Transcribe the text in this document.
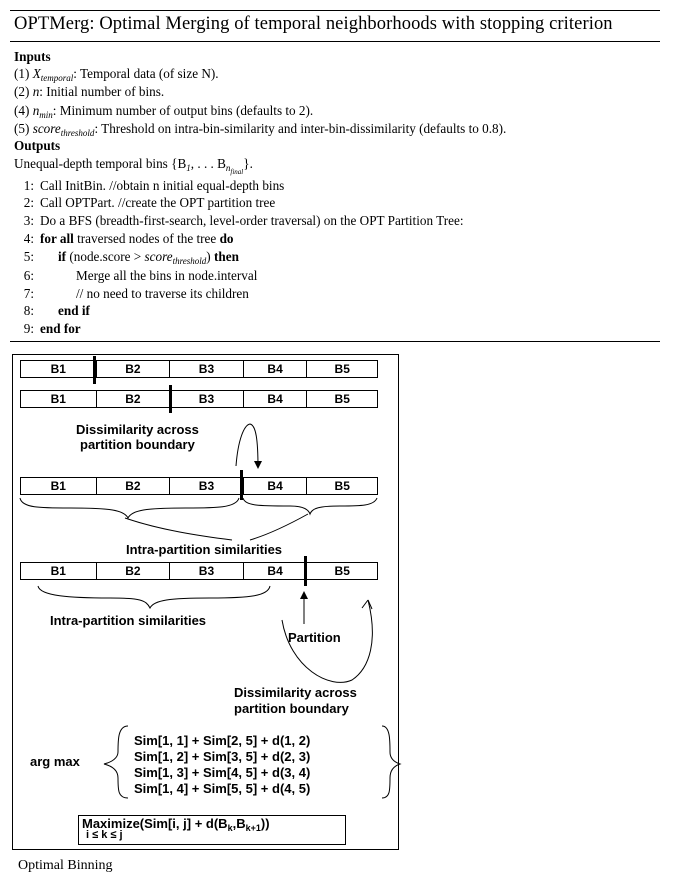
OPTMerg: Optimal Merging of temporal neighborhoods with stopping criterion
Inputs
(1) $X_{temporal}$: Temporal data (of size N).
(2) n: Initial number of bins.
(4) $n_{min}$: Minimum number of output bins (defaults to 2).
(5) score$_{threshold}$: Threshold on intra-bin-similarity and inter-bin-dissimilarity (defaults to 0.8).
Outputs
Unequal-depth temporal bins {$B_1$, . . . $B_{n_{final}}$}.
1: Call InitBin. //obtain n initial equal-depth bins
2: Call OPTPart. //create the OPT partition tree
3: Do a BFS (breadth-first-search, level-order traversal) on the OPT Partition Tree:
4: for all traversed nodes of the tree do
5: if (node.score > score$_{threshold}$) then
6:	Merge all the bins in node.interval
7:	// no need to traverse its children
8: end if
9: end for
B1	B2	B3	B4	B5
B1	B2	B3	B4	B5
Dissimilarity across
partition boundary
B1	B2	B3	B4	B5
Intra-partition similarities
B1	B2	B3	B4	B5
Intra-partition similarities
Partition
Dissimilarity across
partition boundary
arg max
Sim[1, 1] + Sim[2, 5] + d(1, 2)
Sim[1, 2] + Sim[3, 5] + d(2, 3)
Sim[1, 3] + Sim[4, 5] + d(3, 4)
Sim[1, 4] + Sim[5, 5] + d(4, 5)
Maximize(Sim[i, $j] + d(B_k,B_{k+1})$)
i ≤ k ≤ j
Optimal Binning
